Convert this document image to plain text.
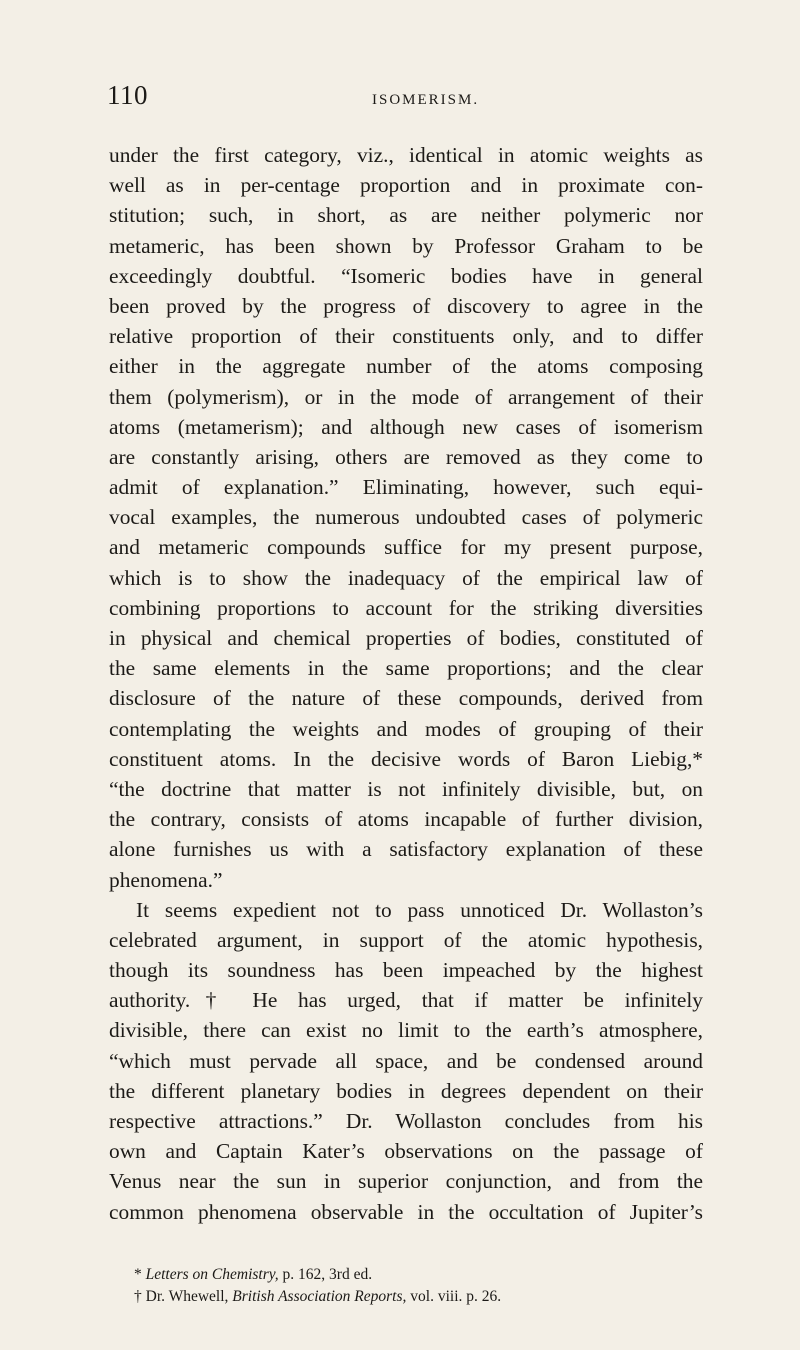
110	ISOMERISM.
under the first category, viz., identical in atomic weights as
well as in per-centage proportion and in proximate con-
stitution; such, in short, as are neither polymeric nor
metameric, has been shown by Professor Graham to be
exceedingly doubtful. “Isomeric bodies have in general
been proved by the progress of discovery to agree in the
relative proportion of their constituents only, and to differ
either in the aggregate number of the atoms composing
them (polymerism), or in the mode of arrangement of their
atoms (metamerism); and although new cases of isomerism
are constantly arising, others are removed as they come to
admit of explanation.” Eliminating, however, such equi-
vocal examples, the numerous undoubted cases of polymeric
and metameric compounds suffice for my present purpose,
which is to show the inadequacy of the empirical law of
combining proportions to account for the striking diversities
in physical and chemical properties of bodies, constituted of
the same elements in the same proportions; and the clear
disclosure of the nature of these compounds, derived from
contemplating the weights and modes of grouping of their
constituent atoms. In the decisive words of Baron Liebig,*
“the doctrine that matter is not infinitely divisible, but, on
the contrary, consists of atoms incapable of further division,
alone furnishes us with a satisfactory explanation of these
phenomena.”
It seems expedient not to pass unnoticed Dr. Wollaston’s
celebrated argument, in support of the atomic hypothesis,
though its soundness has been impeached by the highest
authority.† He has urged, that if matter be infinitely
divisible, there can exist no limit to the earth’s atmosphere,
“which must pervade all space, and be condensed around
the different planetary bodies in degrees dependent on their
respective attractions.” Dr. Wollaston concludes from his
own and Captain Kater’s observations on the passage of
Venus near the sun in superior conjunction, and from the
common phenomena observable in the occultation of Jupiter’s
* Letters on Chemistry, p. 162, 3rd ed.
† Dr. Whewell, British Association Reports, vol. viii. p. 26.
